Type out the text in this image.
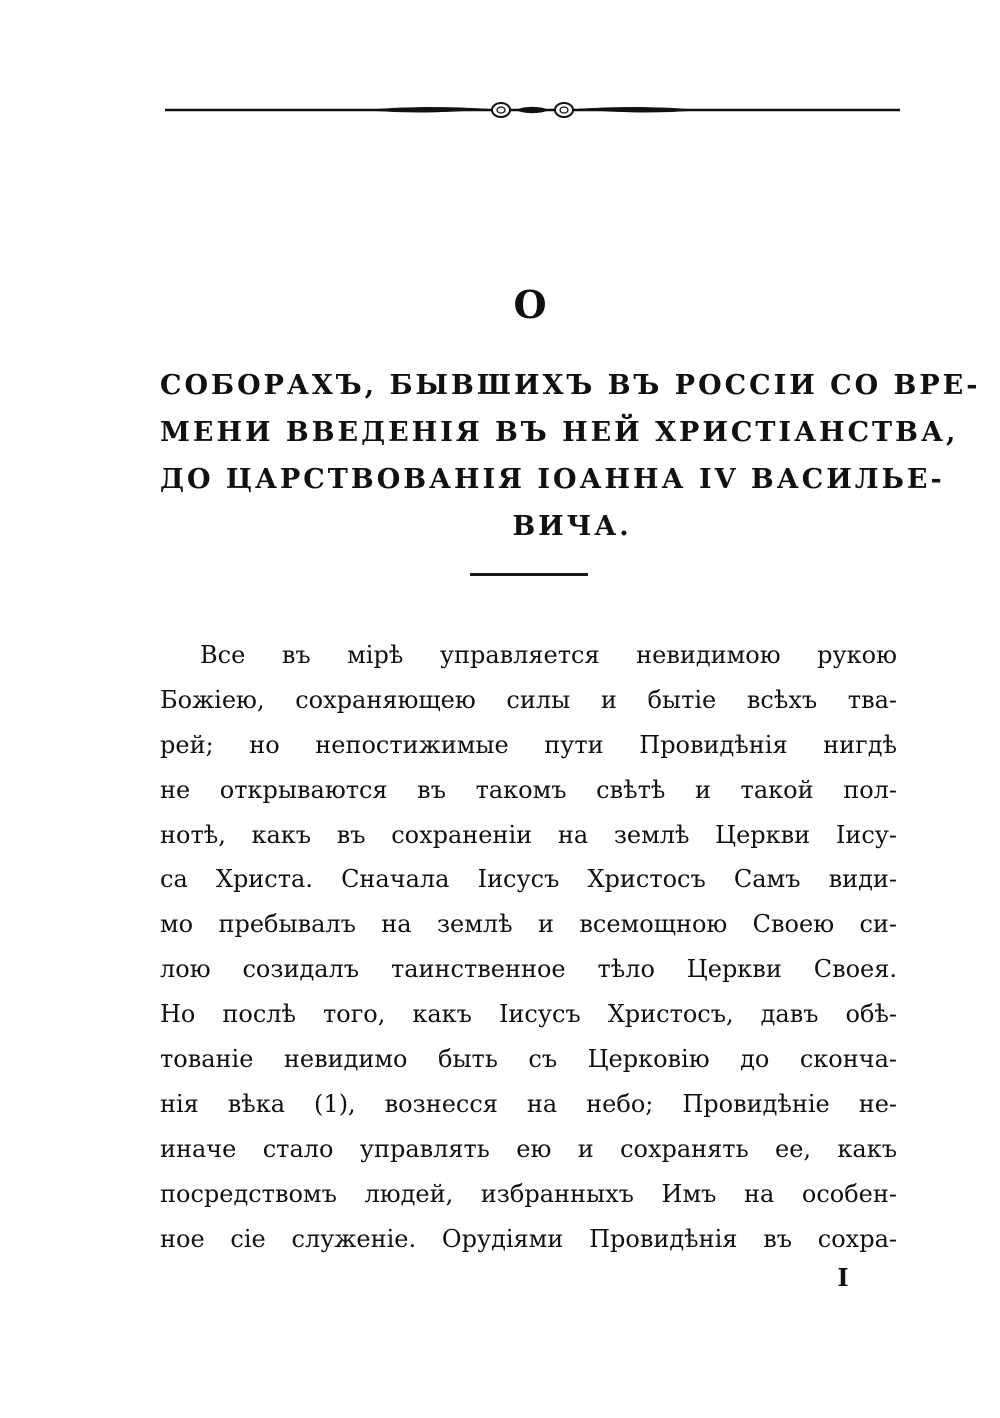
О
СОБОРАХЪ, БЫВШИХЪ ВЪ РОССIИ СО ВРЕ-
МЕНИ ВВЕДЕНIЯ ВЪ НЕЙ ХРИСТIАНСТВА,
ДО ЦАРСТВОВАНIЯ IОАННА IV ВАСИЛЬЕ-
ВИЧА.
Все въ мiрѣ управляется невидимою рукою
Божiею, сохраняющею силы и бытiе всѣхъ тва-
рей; но непостижимые пути Провидѣнiя нигдѣ
не открываются въ такомъ свѣтѣ и такой пол-
нотѣ, какъ въ сохраненiи на землѣ Церкви Iису-
са Христа. Сначала Iисусъ Христосъ Самъ види-
мо пребывалъ на землѣ и всемощною Своею си-
лою созидалъ таинственное тѣло Церкви Своея.
Но послѣ того, какъ Iисусъ Христосъ, давъ обѣ-
тованiе невидимо быть съ Церковiю до сконча-
нiя вѣка (1), вознесся на небо; Провидѣнiе не-
иначе стало управлять ею и сохранять ее, какъ
посредствомъ людей, избранныхъ Имъ на особен-
ное сiе служенiе. Орудiями Провидѣнiя въ сохра-
I
